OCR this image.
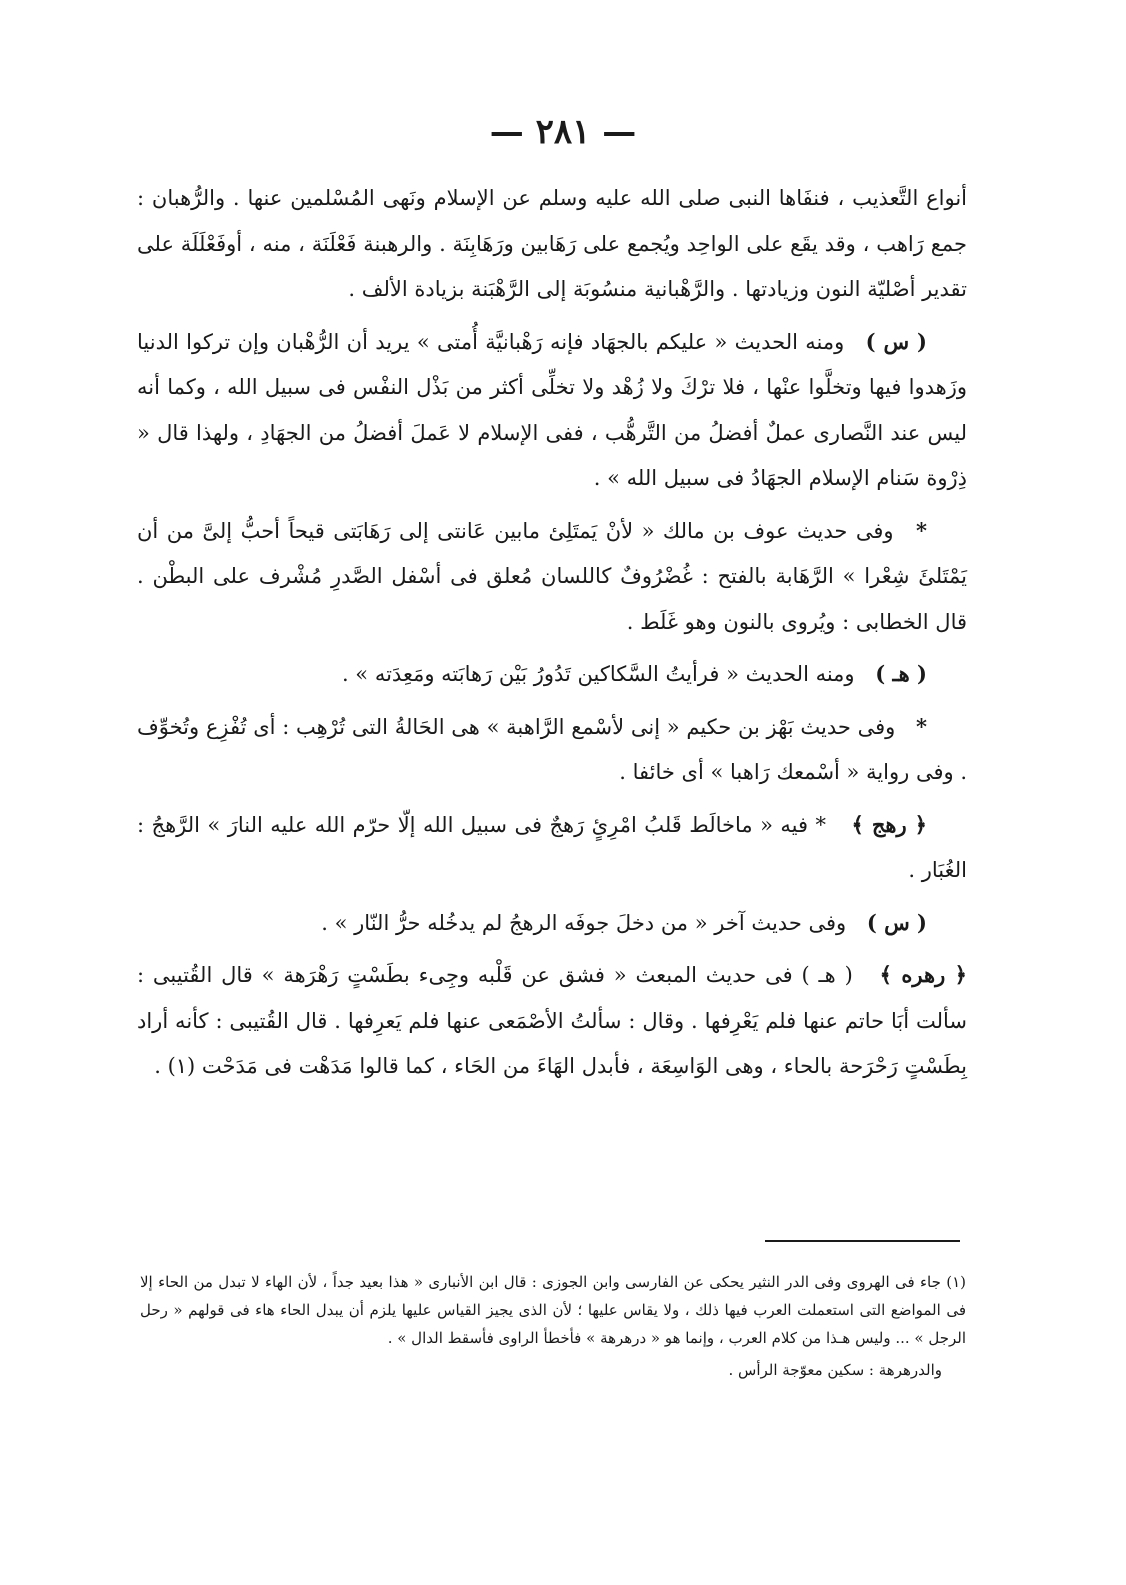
— ٢٨١ —

أنواع التَّعذيب ، فنفَاها النبى صلى الله عليه وسلم عن الإسلام ونَهى المُسْلمين عنها . والرُّهبان : جمع رَاهب ، وقد يقَع على الواحِد ويُجمع على رَهَابين ورَهَابِنَة . والرهبنة فَعْلَنَة ، منه ، أوفَعْلَلَة على تقدير أصْليّة النون وزيادتها . والرَّهْبانية منسُوبَة إلى الرَّهْبَنة بزيادة الألف .

( س ) ومنه الحديث « عليكم بالجهَاد فإنه رَهْبانيَّة أُمتى » يريد أن الرُّهْبان وإن تركوا الدنيا وزَهدوا فيها وتخلَّوا عنْها ، فلا ترْكَ ولا زُهْد ولا تخلِّى أكثر من بَذْل النفْس فى سبيل الله ، وكما أنه ليس عند النَّصارى عملٌ أفضلُ من التَّرهُّب ، ففى الإسلام لا عَملَ أفضلُ من الجهَادِ ، ولهذا قال « ذِرْوة سَنام الإسلام الجهَادُ فى سبيل الله » .

* وفى حديث عوف بن مالك « لأنْ يَمتَلِئ مابين عَانتى إلى رَهَابَتى قيحاً أحبُّ إلىَّ من أن يَمْتَلئَ شِعْرا » الرَّهَابة بالفتح : غُضْرُوفٌ كاللسان مُعلق فى أسْفل الصَّدرِ مُشْرف على البطْن . قال الخطابى : ويُروى بالنون وهو غَلَط .

( هـ ) ومنه الحديث « فرأيتُ السَّكاكين تَدُورُ بَيْن رَهابَته ومَعِدَته » .

* وفى حديث بَهْز بن حكيم « إنى لأسْمع الرَّاهبة » هى الحَالةُ التى تُرْهِب : أى تُفْزِع وتُخوِّف . وفى رواية « أسْمعك رَاهبا » أى خائفا .

﴿ رهج ﴾ * فيه « ماخالَط قَلبُ امْرِئٍ رَهجٌ فى سبيل الله إلّا حرّم الله عليه النارَ » الرَّهجُ : الغُبَار .

( س ) وفى حديث آخر « من دخلَ جوفَه الرهجُ لم يدخُله حرُّ النّار » .

﴿ رهره ﴾ ( هـ ) فى حديث المبعث « فشق عن قَلْبه وجِىء بطَسْتٍ رَهْرَهة » قال القُتيبى : سألت أبَا حاتم عنها فلم يَعْرِفها . وقال : سألتُ الأصْمَعى عنها فلم يَعرِفها . قال القُتيبى : كأنه أراد بِطَسْتٍ رَحْرَحة بالحاء ، وهى الوَاسِعَة ، فأبدل الهَاءَ من الحَاء ، كما قالوا مَدَهْت فى مَدَحْت (١) .

(١) جاء فى الهروى وفى الدر النثير يحكى عن الفارسى وابن الجوزى : قال ابن الأنبارى « هذا بعيد جداً ، لأن الهاء لا تبدل من الحاء إلا فى المواضع التى استعملت العرب فيها ذلك ، ولا يقاس عليها ؛ لأن الذى يجيز القياس عليها يلزم أن يبدل الحاء هاء فى قولهم « رحل الرجل » ... وليس هـذا من كلام العرب ، وإنما هو « درهرهة » فأخطأ الراوى فأسقط الدال » .

والدرهرهة : سكين معوّجة الرأس .
